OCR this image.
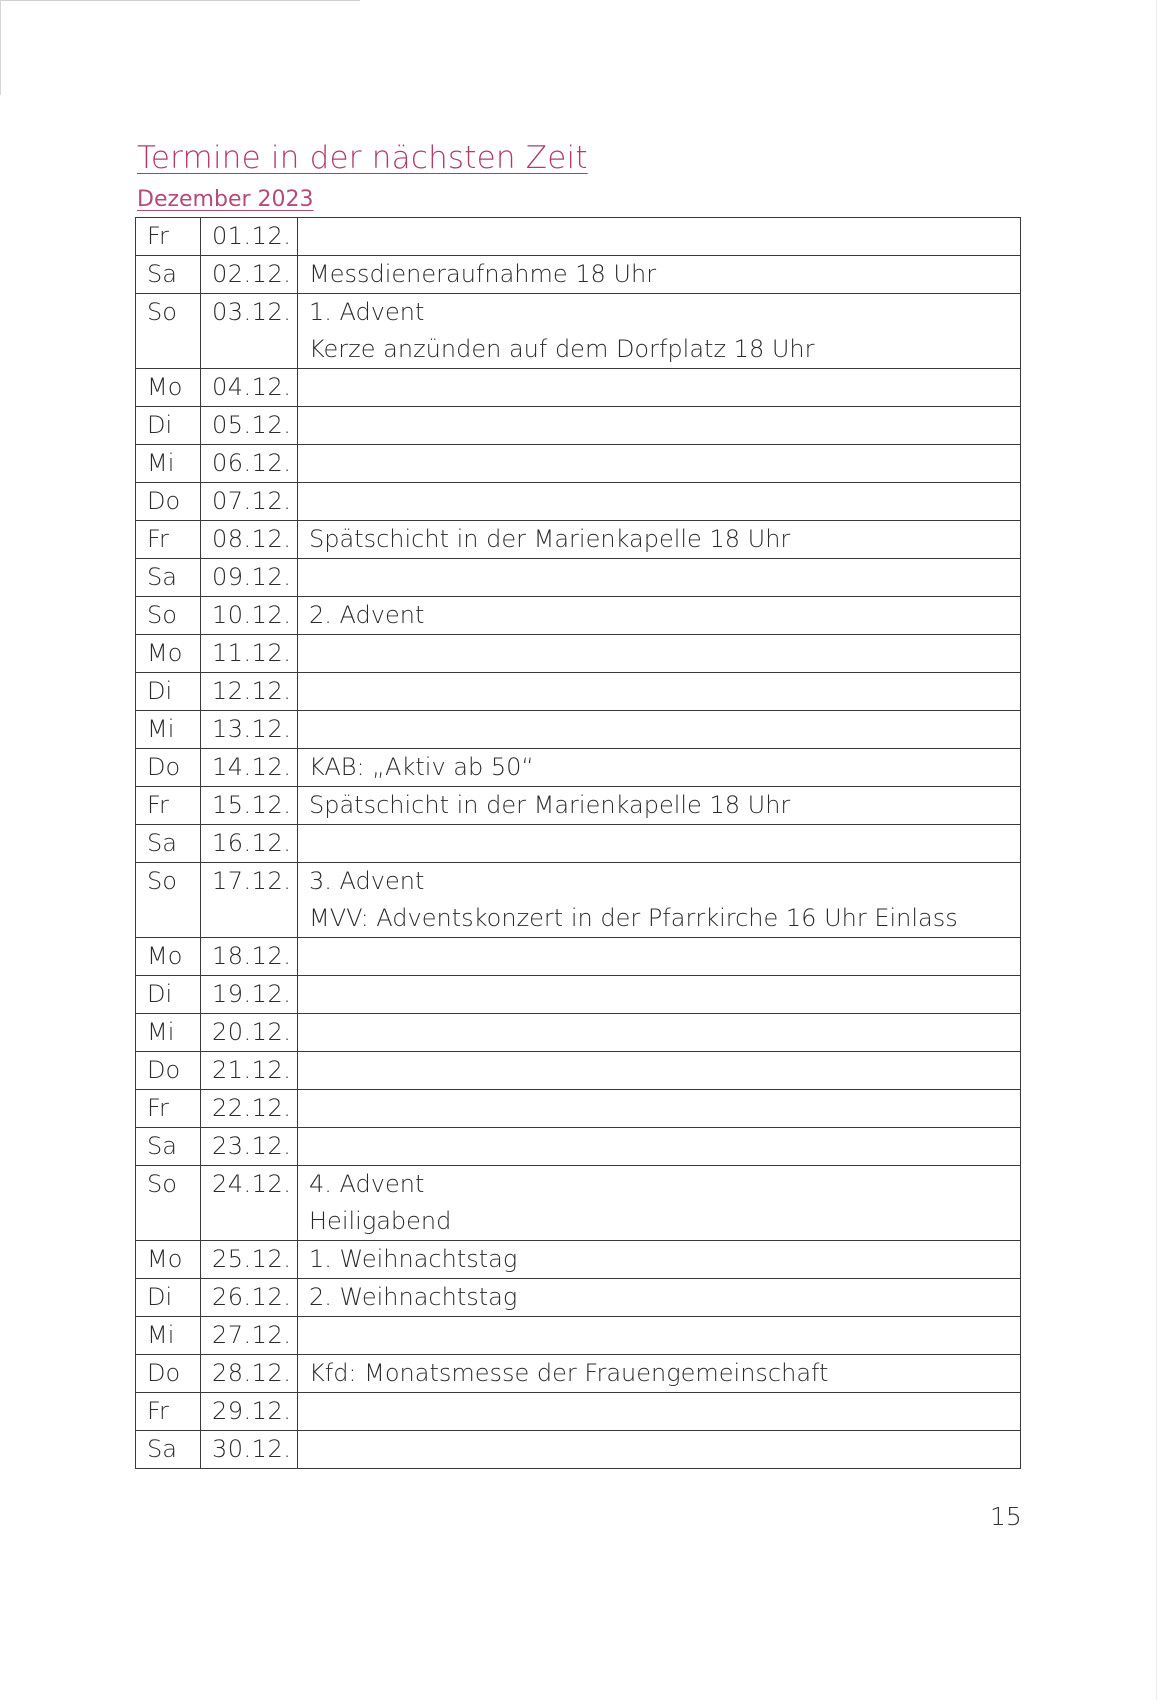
Termine in der nächsten Zeit
Dezember 2023
Fr	01.12.	
Sa	02.12.	Messdieneraufnahme 18 Uhr

So	03.12.	1. Advent
Kerze anzünden auf dem Dorfplatz 18 Uhr

Mo	04.12.	
Di	05.12.	
Mi	06.12.	
Do	07.12.	
Fr	08.12.	Spätschicht in der Marienkapelle 18 Uhr

Sa	09.12.	
So	10.12.	2. Advent

Mo	11.12.	
Di	12.12.	
Mi	13.12.	
Do	14.12.	KAB: „Aktiv ab 50“

Fr	15.12.	Spätschicht in der Marienkapelle 18 Uhr

Sa	16.12.	
So	17.12.	3. Advent
MVV: Adventskonzert in der Pfarrkirche 16 Uhr Einlass

Mo	18.12.	
Di	19.12.	
Mi	20.12.	
Do	21.12.	
Fr	22.12.	
Sa	23.12.	
So	24.12.	4. Advent
Heiligabend

Mo	25.12.	1. Weihnachtstag

Di	26.12.	2. Weihnachtstag

Mi	27.12.	
Do	28.12.	Kfd: Monatsmesse der Frauengemeinschaft

Fr	29.12.	
Sa	30.12.	
15
